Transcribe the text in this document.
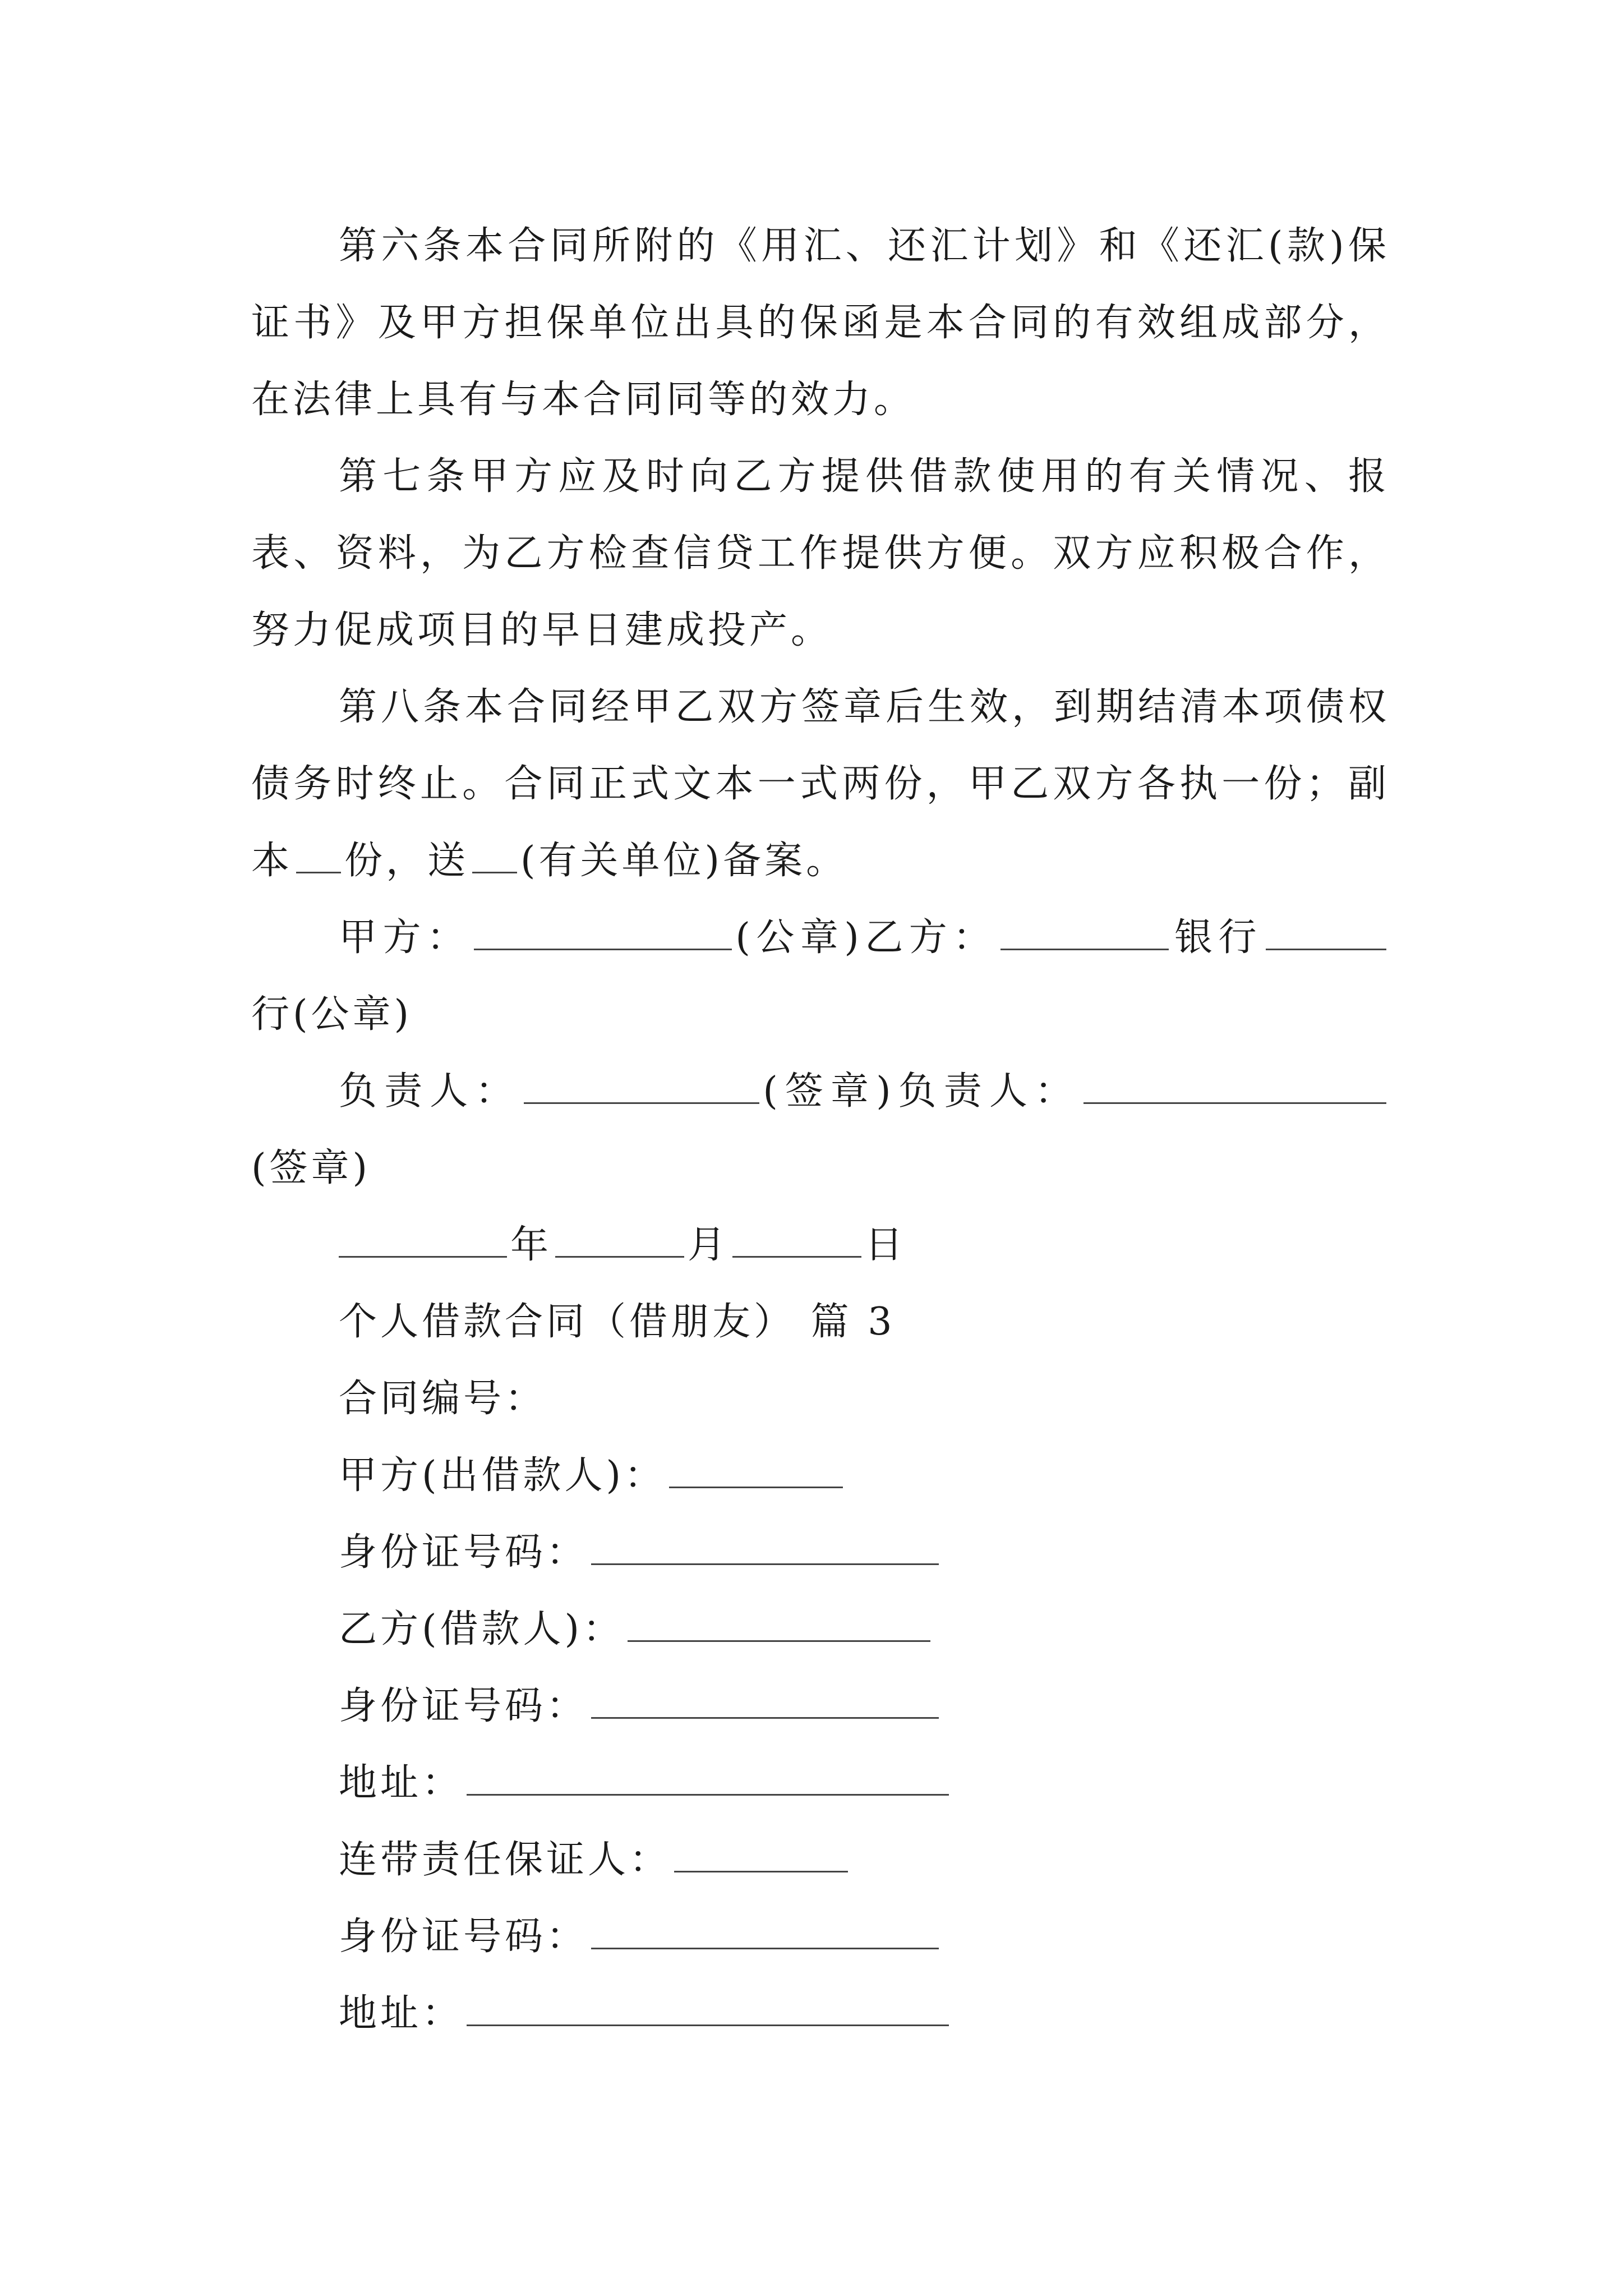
第六条本合同所附的《用汇、还汇计划》和《还汇(款)保证书》及甲方担保单位出具的保函是本合同的有效组成部分，在法律上具有与本合同同等的效力。

第七条甲方应及时向乙方提供借款使用的有关情况、报表、资料，为乙方检查信贷工作提供方便。双方应积极合作，努力促成项目的早日建成投产。

第八条本合同经甲乙双方签章后生效，到期结清本项债权债务时终止。合同正式文本一式两份，甲乙双方各执一份；副本 份，送 (有关单位)备案。

甲方：	(公章)乙方：	银行行(公章)

负责人：	(签章)负责人：(签章)

年	月	日

个人借款合同（借朋友） 篇 3

合同编号：

甲方(出借款人)：

身份证号码：

乙方(借款人)：

身份证号码：

地址：

连带责任保证人：

身份证号码：

地址：
